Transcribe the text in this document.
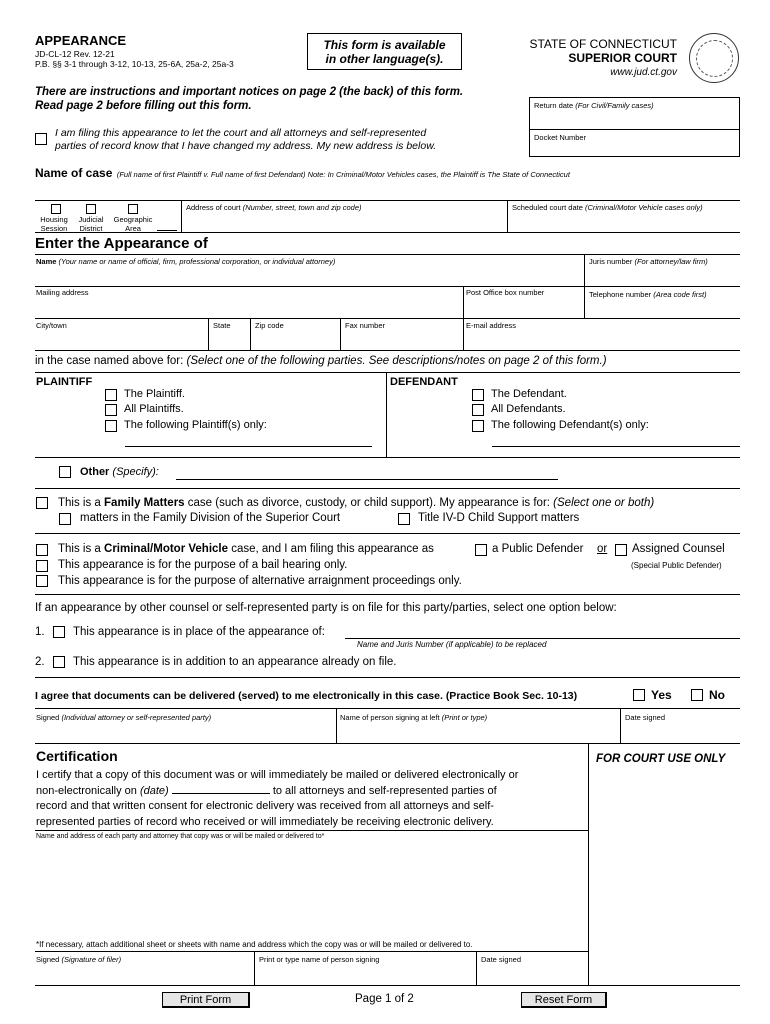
APPEARANCE
JD-CL-12 Rev. 12-21
P.B. §§ 3-1 through 3-12, 10-13, 25-6A, 25a-2, 25a-3
This form is available
in other language(s).
STATE OF CONNECTICUT
SUPERIOR COURT
www.jud.ct.gov
There are instructions and important notices on page 2 (the back) of this form.
Read page 2 before filling out this form.	Return date (For Civil/Family cases)
Docket Number
I am filing this appearance to let the court and all attorneys and self-represented
parties of record know that I have changed my address. My new address is below.
Name of case (Full name of first Plaintiff v. Full name of first Defendant) Note: In Criminal/Motor Vehicles cases, the Plaintiff is The State of Connecticut
Housing
Session
Judicial
District
Geographic
Area
Address of court (Number, street, town and zip code)	Scheduled court date (Criminal/Motor Vehicle cases only)
Enter the Appearance of
Name (Your name or name of official, firm, professional corporation, or individual attorney)	Juris number (For attorney/law firm)
Mailing address	Post Office box number	Telephone number (Area code first)
City/town	State	Zip code	Fax number	E-mail address
in the case named above for: (Select one of the following parties. See descriptions/notes on page 2 of this form.)
PLAINTIFF	DEFENDANT
The Plaintiff.
All Plaintiffs.
The following Plaintiff(s) only:
The Defendant.
All Defendants.
The following Defendant(s) only:
Other (Specify):
This is a Family Matters case (such as divorce, custody, or child support). My appearance is for: (Select one or both)
matters in the Family Division of the Superior Court	Title IV-D Child Support matters
This is a Criminal/Motor Vehicle case, and I am filing this appearance as	a Public Defender or Assigned Counsel
(Special Public Defender)
This appearance is for the purpose of a bail hearing only.
This appearance is for the purpose of alternative arraignment proceedings only.
If an appearance by other counsel or self-represented party is on file for this party/parties, select one option below:
1. This appearance is in place of the appearance of:
Name and Juris Number (if applicable) to be replaced
2. This appearance is in addition to an appearance already on file.
I agree that documents can be delivered (served) to me electronically in this case. (Practice Book Sec. 10-13)	Yes	No
Signed (Individual attorney or self-represented party)	Name of person signing at left (Print or type)	Date signed
FOR COURT USE ONLY
Certification
I certify that a copy of this document was or will immediately be mailed or delivered electronically or
non-electronically on (date)	to all attorneys and self-represented parties of
record and that written consent for electronic delivery was received from all attorneys and self-
represented parties of record who received or will immediately be receiving electronic delivery.
Name and address of each party and attorney that copy was or will be mailed or delivered to*
*If necessary, attach additional sheet or sheets with name and address which the copy was or will be mailed or delivered to.
Signed (Signature of filer)	Print or type name of person signing	Date signed
Print Form	Page 1 of 2	Reset Form
